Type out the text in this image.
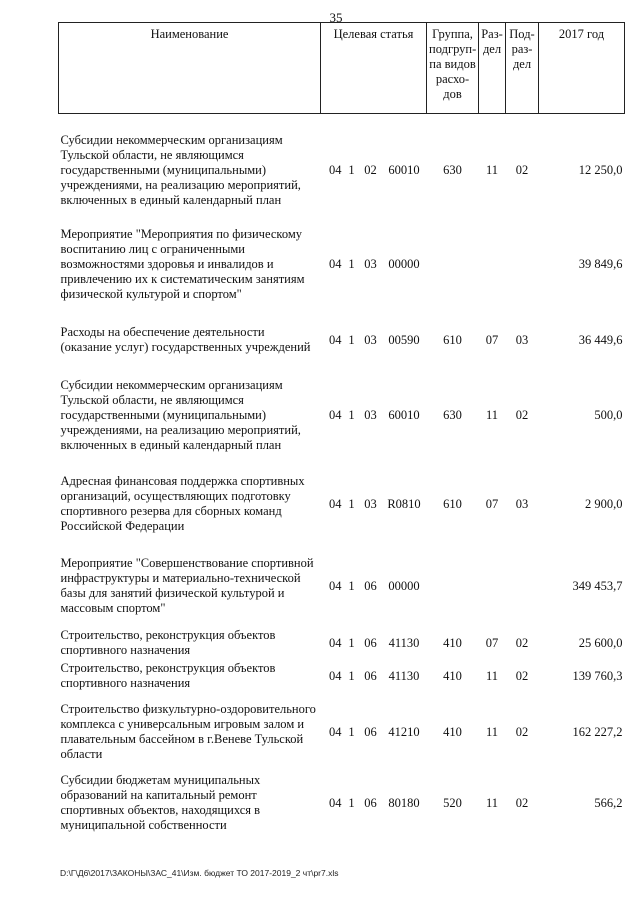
35
Наименование	Целевая статья				Группа, подгруп-па видов расхо-дов	Раз-дел	Под-раз-дел	2017 год

Субсидии некоммерческим организациям Тульской области, не являющимся государственными (муниципальными) учреждениями, на реализацию мероприятий, включенных в единый календарный план	04	1	02	60010	630	11	02	12 250,0
Мероприятие "Мероприятия по физическому воспитанию лиц с ограниченными возможностями здоровья и инвалидов и привлечению их к систематическим занятиям физической культурой и спортом"	04	1	03	00000				39 849,6
Расходы на обеспечение деятельности (оказание услуг) государственных учреждений	04	1	03	00590	610	07	03	36 449,6
Субсидии некоммерческим организациям Тульской области, не являющимся государственными (муниципальными) учреждениями, на реализацию мероприятий, включенных в единый календарный план	04	1	03	60010	630	11	02	500,0
Адресная финансовая поддержка спортивных организаций, осуществляющих подготовку спортивного резерва для сборных команд Российской Федерации	04	1	03	R0810	610	07	03	2 900,0
Мероприятие "Совершенствование спортивной инфраструктуры и материально-технической базы для занятий физической культурой и массовым спортом"	04	1	06	00000				349 453,7
Строительство, реконструкция объектов спортивного назначения	04	1	06	41130	410	07	02	25 600,0
Строительство, реконструкция объектов спортивного назначения	04	1	06	41130	410	11	02	139 760,3
Строительство физкультурно-оздоровительного комплекса с универсальным игровым залом и плавательным бассейном в г.Веневе Тульской области	04	1	06	41210	410	11	02	162 227,2
Субсидии бюджетам муниципальных образований на капитальный ремонт спортивных объектов, находящихся в муниципальной собственности	04	1	06	80180	520	11	02	566,2
D:\Г\Д6\2017\ЗАКОНЫ\ЗАС_41\Изм. бюджет ТО 2017-2019_2 чт\pr7.xls
